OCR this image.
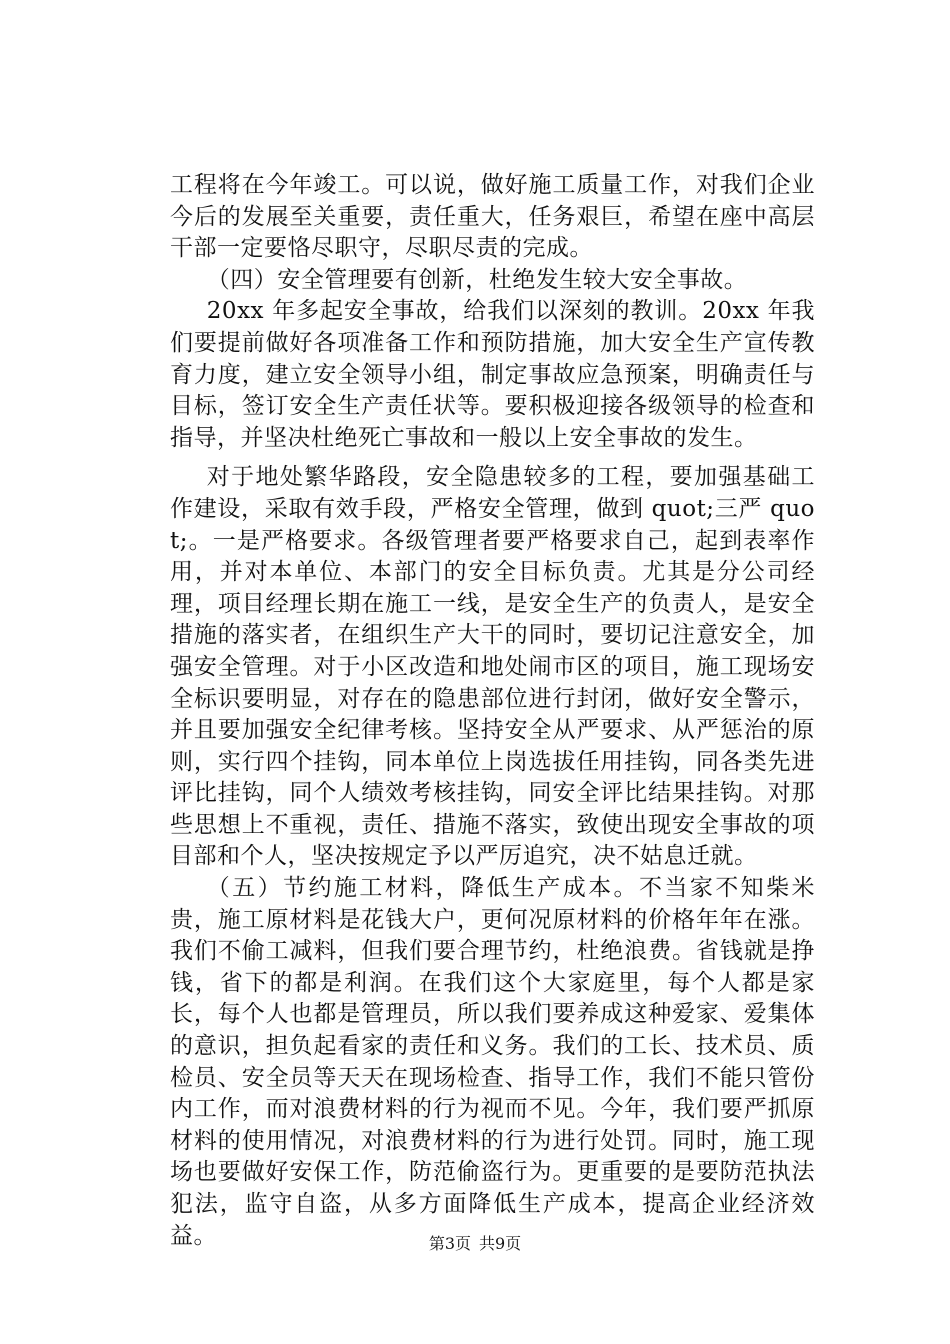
工程将在今年竣工。可以说，做好施工质量工作，对我们企业今后的发展至关重要，责任重大，任务艰巨，希望在座中高层干部一定要恪尽职守，尽职尽责的完成。

（四）安全管理要有创新，杜绝发生较大安全事故。

20xx 年多起安全事故，给我们以深刻的教训。20xx 年我们要提前做好各项准备工作和预防措施，加大安全生产宣传教育力度，建立安全领导小组，制定事故应急预案，明确责任与目标，签订安全生产责任状等。要积极迎接各级领导的检查和指导，并坚决杜绝死亡事故和一般以上安全事故的发生。

对于地处繁华路段，安全隐患较多的工程，要加强基础工作建设，采取有效手段，严格安全管理，做到 quot;三严 quot;。一是严格要求。各级管理者要严格要求自己，起到表率作用，并对本单位、本部门的安全目标负责。尤其是分公司经理，项目经理长期在施工一线，是安全生产的负责人，是安全措施的落实者，在组织生产大干的同时，要切记注意安全，加强安全管理。对于小区改造和地处闹市区的项目，施工现场安全标识要明显，对存在的隐患部位进行封闭，做好安全警示，并且要加强安全纪律考核。坚持安全从严要求、从严惩治的原则，实行四个挂钩，同本单位上岗选拔任用挂钩，同各类先进评比挂钩，同个人绩效考核挂钩，同安全评比结果挂钩。对那些思想上不重视，责任、措施不落实，致使出现安全事故的项目部和个人，坚决按规定予以严厉追究，决不姑息迁就。

（五）节约施工材料，降低生产成本。不当家不知柴米贵，施工原材料是花钱大户，更何况原材料的价格年年在涨。我们不偷工减料，但我们要合理节约，杜绝浪费。省钱就是挣钱，省下的都是利润。在我们这个大家庭里，每个人都是家长，每个人也都是管理员，所以我们要养成这种爱家、爱集体的意识，担负起看家的责任和义务。我们的工长、技术员、质检员、安全员等天天在现场检查、指导工作，我们不能只管份内工作，而对浪费材料的行为视而不见。今年，我们要严抓原材料的使用情况，对浪费材料的行为进行处罚。同时，施工现场也要做好安保工作，防范偷盗行为。更重要的是要防范执法犯法，监守自盗，从多方面降低生产成本，提高企业经济效益。	第3页 共9页
